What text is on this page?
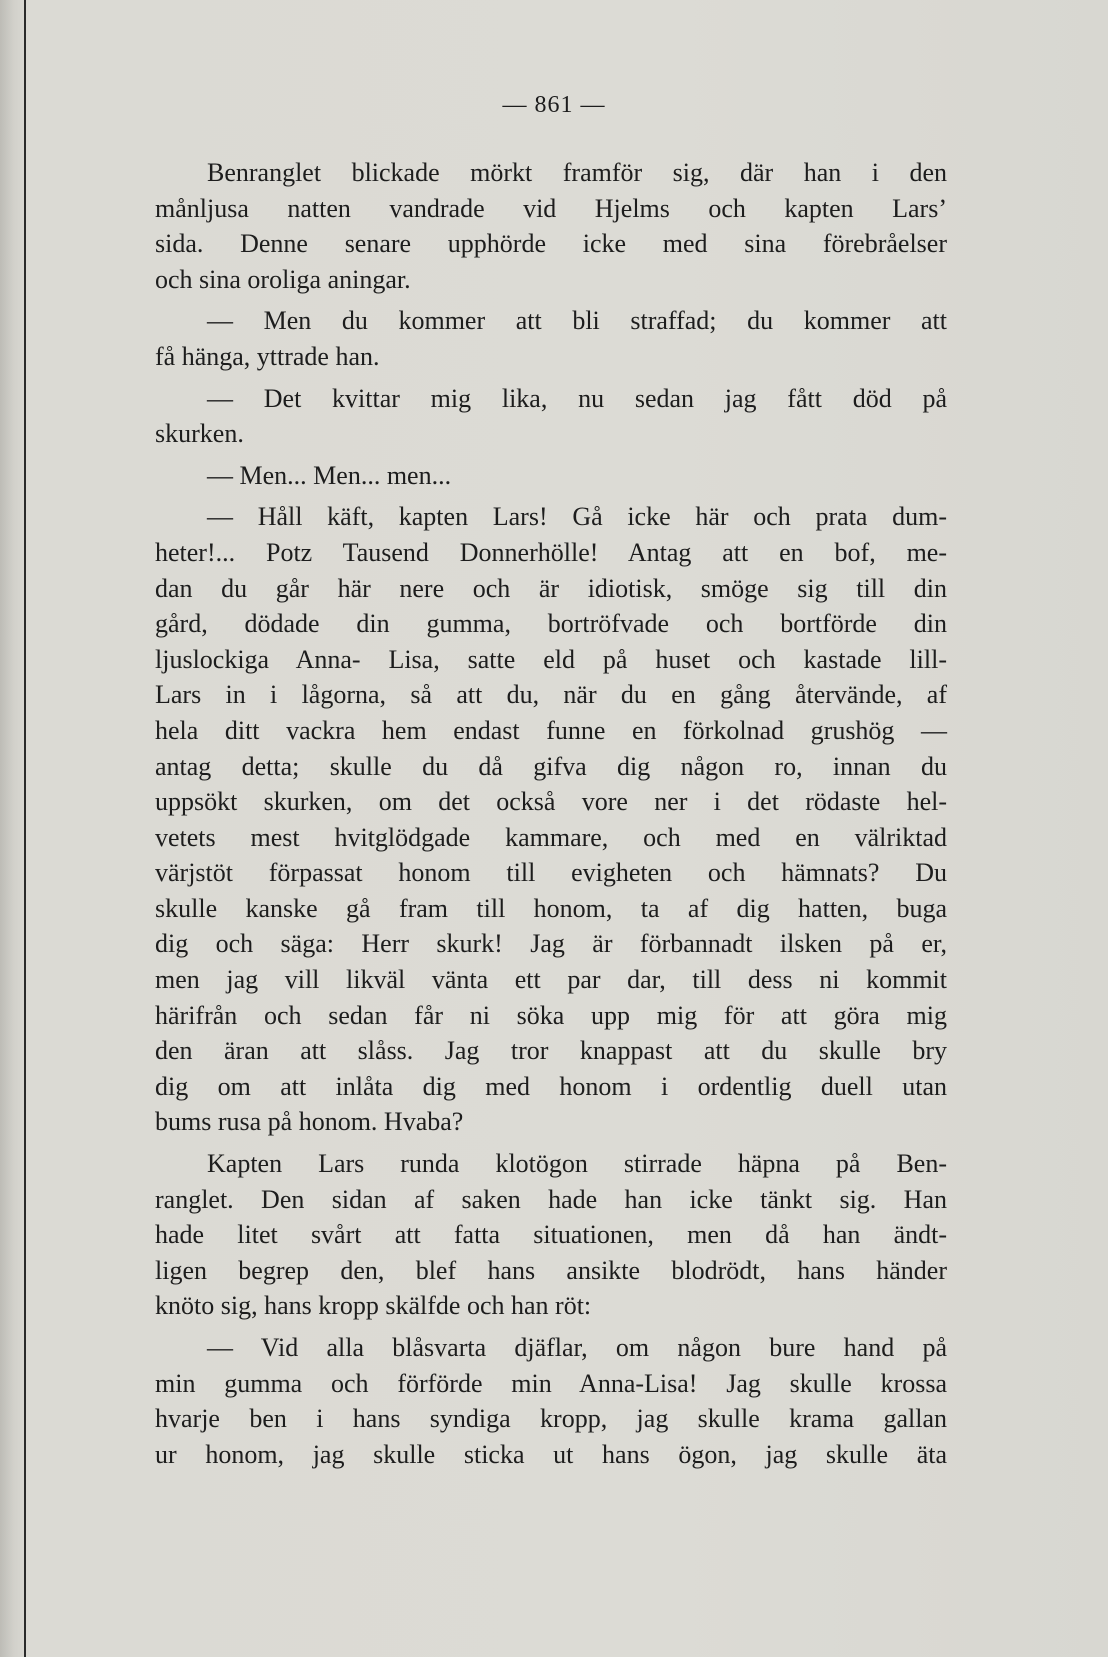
— 861 —
Benranglet blickade mörkt framför sig, där han i den
månljusa natten vandrade vid Hjelms och kapten Lars’
sida. Denne senare upphörde icke med sina förebråelser
och sina oroliga aningar.
— Men du kommer att bli straffad; du kommer att
få hänga, yttrade han.
— Det kvittar mig lika, nu sedan jag fått död på
skurken.
— Men... Men... men...
— Håll käft, kapten Lars! Gå icke här och prata dum-
heter!... Potz Tausend Donnerhölle! Antag att en bof, me-
dan du går här nere och är idiotisk, smöge sig till din
gård, dödade din gumma, bortröfvade och bortförde din
ljuslockiga Anna- Lisa, satte eld på huset och kastade lill-
Lars in i lågorna, så att du, när du en gång återvände, af
hela ditt vackra hem endast funne en förkolnad grushög —
antag detta; skulle du då gifva dig någon ro, innan du
uppsökt skurken, om det också vore ner i det rödaste hel-
vetets mest hvitglödgade kammare, och med en välriktad
värjstöt förpassat honom till evigheten och hämnats? Du
skulle kanske gå fram till honom, ta af dig hatten, buga
dig och säga: Herr skurk! Jag är förbannadt ilsken på er,
men jag vill likväl vänta ett par dar, till dess ni kommit
härifrån och sedan får ni söka upp mig för att göra mig
den äran att slåss. Jag tror knappast att du skulle bry
dig om att inlåta dig med honom i ordentlig duell utan
bums rusa på honom. Hvaba?
Kapten Lars runda klotögon stirrade häpna på Ben-
ranglet. Den sidan af saken hade han icke tänkt sig. Han
hade litet svårt att fatta situationen, men då han ändt-
ligen begrep den, blef hans ansikte blodrödt, hans händer
knöto sig, hans kropp skälfde och han röt:
— Vid alla blåsvarta djäflar, om någon bure hand på
min gumma och förförde min Anna-Lisa! Jag skulle krossa
hvarje ben i hans syndiga kropp, jag skulle krama gallan
ur honom, jag skulle sticka ut hans ögon, jag skulle äta
